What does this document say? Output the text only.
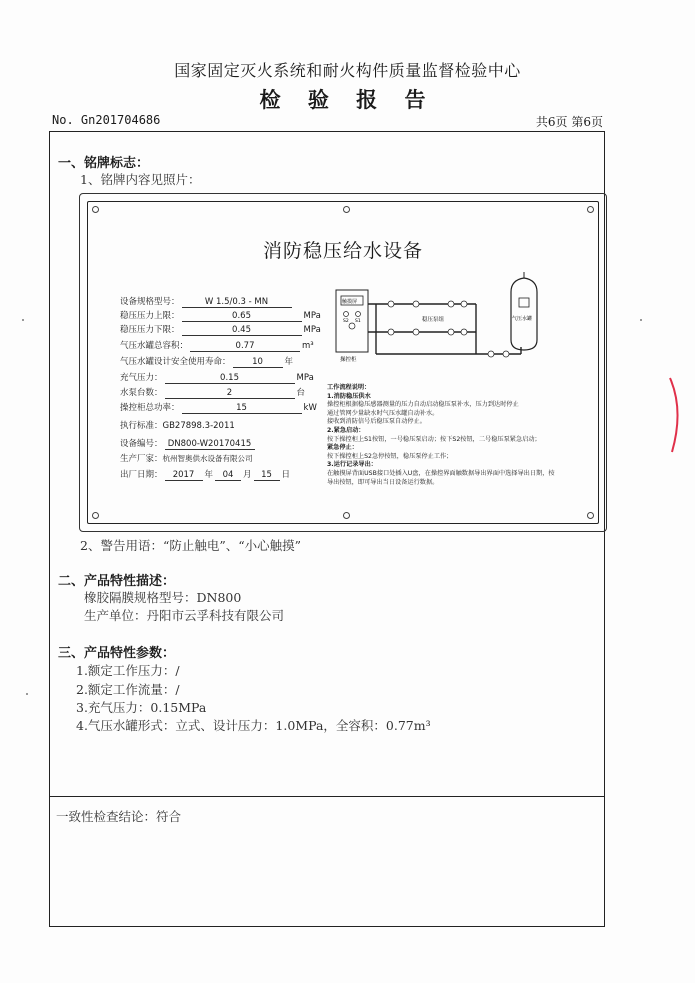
国家固定灭火系统和耐火构件质量监督检验中心
检 验 报 告
No. Gn201704686	共6页 第6页
一、铭牌标志：
1、铭牌内容见照片：
消防稳压给水设备
设备规格型号：	W 1.5/0.3 - MN
稳压压力上限：	0.65	MPa
稳压压力下限：	0.45	MPa
气压水罐总容积：	0.77	m³
气压水罐设计安全使用寿命：	10	年
充气压力：	0.15	MPa
水泵台数：	2	台
操控柜总功率：	15	kW
执行标准：GB27898.3-2011
设备编号： DN800-W20170415
生产厂家：杭州智奥供水设备有限公司
出厂日期： 2017 年 04 月 15 日
触摸屏
S2 S1
操控柜
稳压泵组	气压水罐
工作流程说明：
1.消防稳压供水
操控柜根据稳压感器测量的压力自动启动稳压泵补水，压力到达时停止
通过管网少量缺水时气压水罐自动补水。
接收到消防信号后稳压泵自动停止。
2.紧急启动：
按下操控柜上S1按钮，一号稳压泵启动；按下S2按钮，二号稳压泵紧急启动；
紧急停止：
按下操控柜上S2急停按钮，稳压泵停止工作；
3.运行记录导出：
在触摸屏背面USB接口处插入U盘，在操控界面触数据导出界面中选择导出日期，按
导出按钮，即可导出当日设备运行数据。
2、警告用语：“防止触电”、“小心触摸”
二、产品特性描述：
橡胶隔膜规格型号：DN800
生产单位：丹阳市云孚科技有限公司
三、产品特性参数：
1.额定工作压力：/
2.额定工作流量：/
3.充气压力：0.15MPa
4.气压水罐形式：立式、设计压力：1.0MPa，全容积：0.77m³
一致性检查结论：符合
